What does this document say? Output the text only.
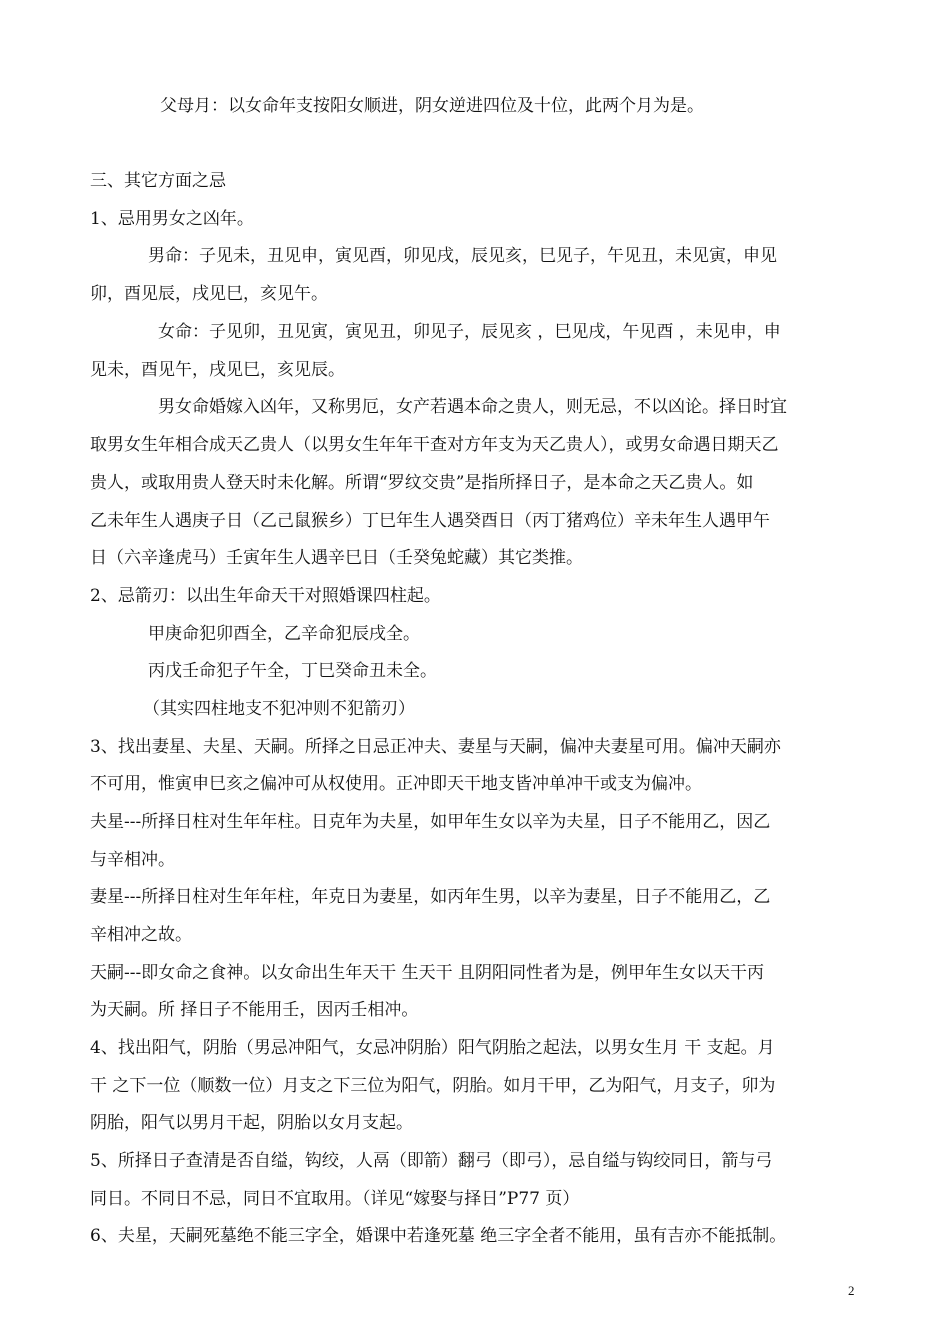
父母月：以女命年支按阳女顺进，阴女逆进四位及十位，此两个月为是。
三、其它方面之忌
1、忌用男女之凶年。
男命：子见未，丑见申，寅见酉，卯见戌，辰见亥，巳见子，午见丑，未见寅，申见
卯，酉见辰，戌见巳，亥见午。
女命：子见卯，丑见寅，寅见丑，卯见子，辰见亥 ，巳见戌，午见酉 ，未见申，申
见未，酉见午，戌见巳，亥见辰。
男女命婚嫁入凶年，又称男厄，女产若遇本命之贵人，则无忌，不以凶论。择日时宜
取男女生年相合成天乙贵人（以男女生年年干查对方年支为天乙贵人），或男女命遇日期天乙
贵人，或取用贵人登天时未化解。所谓“罗纹交贵”是指所择日子，是本命之天乙贵人。如
乙未年生人遇庚子日（乙己鼠猴乡）丁巳年生人遇癸酉日（丙丁猪鸡位）辛未年生人遇甲午
日（六辛逢虎马）壬寅年生人遇辛巳日（壬癸兔蛇藏）其它类推。
2、忌箭刃：以出生年命天干对照婚课四柱起。
甲庚命犯卯酉全，乙辛命犯辰戌全。
丙戊壬命犯子午全，丁巳癸命丑未全。
（其实四柱地支不犯冲则不犯箭刃）
3、找出妻星、夫星、天嗣。所择之日忌正冲夫、妻星与天嗣，偏冲夫妻星可用。偏冲天嗣亦
不可用，惟寅申巳亥之偏冲可从权使用。正冲即天干地支皆冲单冲干或支为偏冲。
夫星---所择日柱对生年年柱。日克年为夫星，如甲年生女以辛为夫星，日子不能用乙，因乙
与辛相冲。
妻星---所择日柱对生年年柱，年克日为妻星，如丙年生男，以辛为妻星，日子不能用乙，乙
辛相冲之故。
天嗣---即女命之食神。以女命出生年天干 生天干 且阴阳同性者为是，例甲年生女以天干丙
为天嗣。所 择日子不能用壬，因丙壬相冲。
4、找出阳气，阴胎（男忌冲阳气，女忌冲阴胎）阳气阴胎之起法，以男女生月 干 支起。月
干 之下一位（顺数一位）月支之下三位为阳气，阴胎。如月干甲，乙为阳气，月支子，卯为
阴胎，阳气以男月干起，阴胎以女月支起。
5、所择日子查清是否自缢，钩绞，人鬲（即箭）翻弓（即弓），忌自缢与钩绞同日，箭与弓
同日。不同日不忌，同日不宜取用。（详见“嫁娶与择日”P77 页）
6、夫星，天嗣死墓绝不能三字全，婚课中若逢死墓 绝三字全者不能用，虽有吉亦不能抵制。
2
